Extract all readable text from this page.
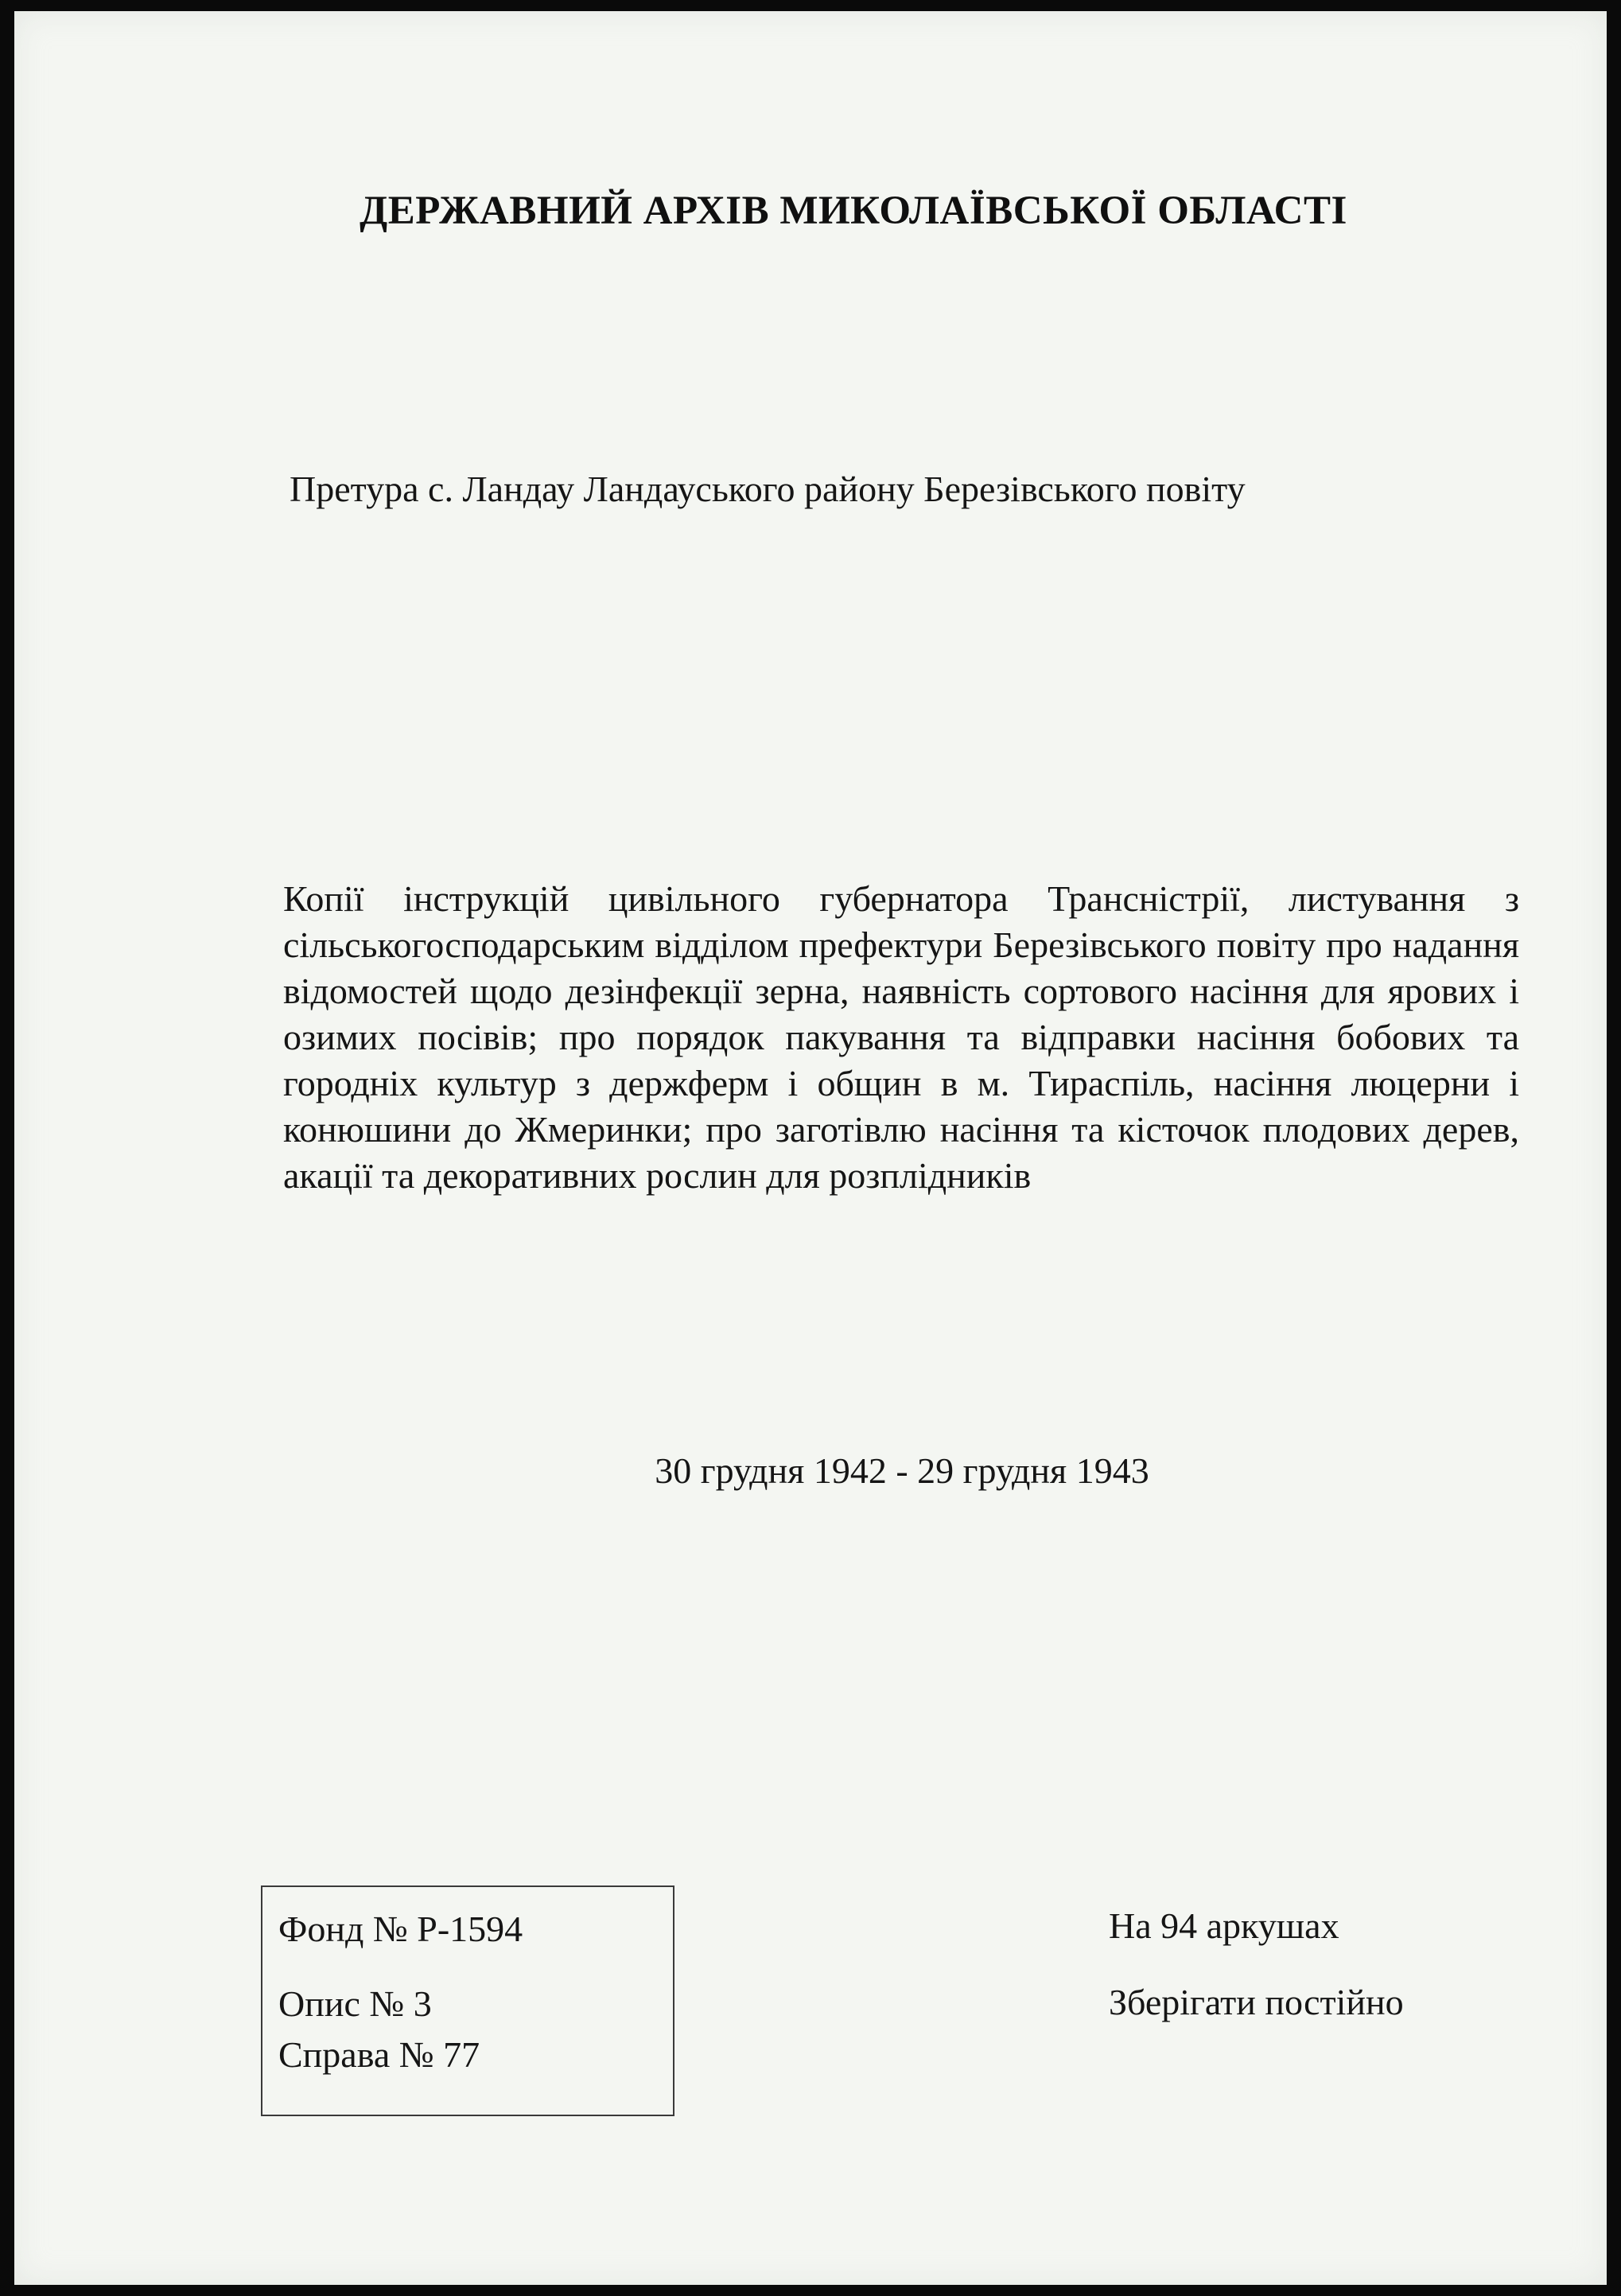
ДЕРЖАВНИЙ АРХІВ МИКОЛАЇВСЬКОЇ ОБЛАСТІ
Претура с. Ландау Ландауського району Березівського повіту

Копії інструкцій цивільного губернатора Трансністрії, листування з сільськогосподарським відділом префектури Березівського повіту про надання відомостей щодо дезінфекції зерна, наявність сортового насіння для ярових і озимих посівів; про порядок пакування та відправки насіння бобових та городніх культур з держферм і общин в м. Тираспіль, насіння люцерни і конюшини до Жмеринки; про заготівлю насіння та кісточок плодових дерев, акації та декоративних рослин для розплідників

30 грудня 1942 - 29 грудня 1943
Фонд № Р-1594
Опис № 3
Справа № 77
На 94 аркушах
Зберігати постійно
